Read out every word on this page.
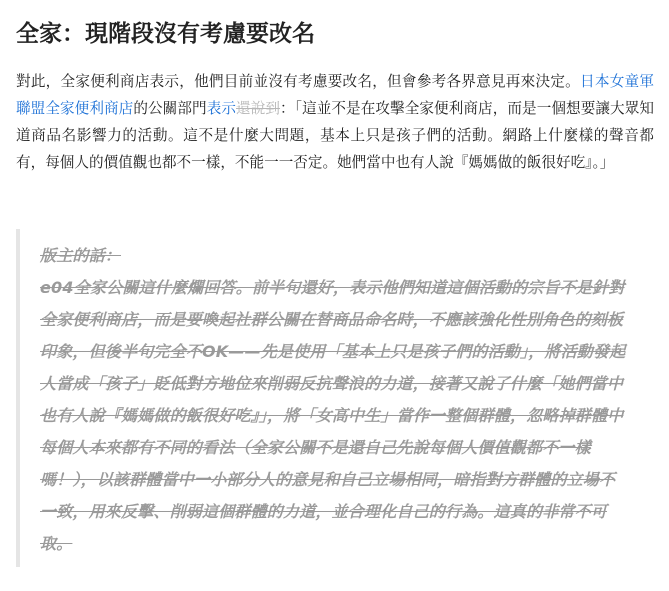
全家：現階段沒有考慮要改名

對此，全家便利商店表示，他們目前並沒有考慮要改名，但會參考各界意見再來決定。日本女童軍聯盟全家便利商店的公關部門表示還說到：「這並不是在攻擊全家便利商店，而是一個想要讓大眾知道商品名影響力的活動。這不是什麼大問題，基本上只是孩子們的活動。網路上什麼樣的聲音都有，每個人的價值觀也都不一樣，不能一一否定。她們當中也有人說『媽媽做的飯很好吃』。」

版主的話：
e04全家公關這什麼爛回答。前半句還好，表示他們知道這個活動的宗旨不是針對全家便利商店，而是要喚起社群公關在替商品命名時，不應該強化性別角色的刻板印象，但後半句完全不OK——先是使用「基本上只是孩子們的活動」，將活動發起人當成「孩子」貶低對方地位來削弱反抗聲浪的力道，接著又說了什麼「她們當中也有人說『媽媽做的飯很好吃』」，將「女高中生」當作一整個群體，忽略掉群體中每個人本來都有不同的看法（全家公關不是還自己先說每個人價值觀都不一樣嗎！），以該群體當中一小部分人的意見和自己立場相同，暗指對方群體的立場不一致，用來反擊、削弱這個群體的力道，並合理化自己的行為。這真的非常不可取。
